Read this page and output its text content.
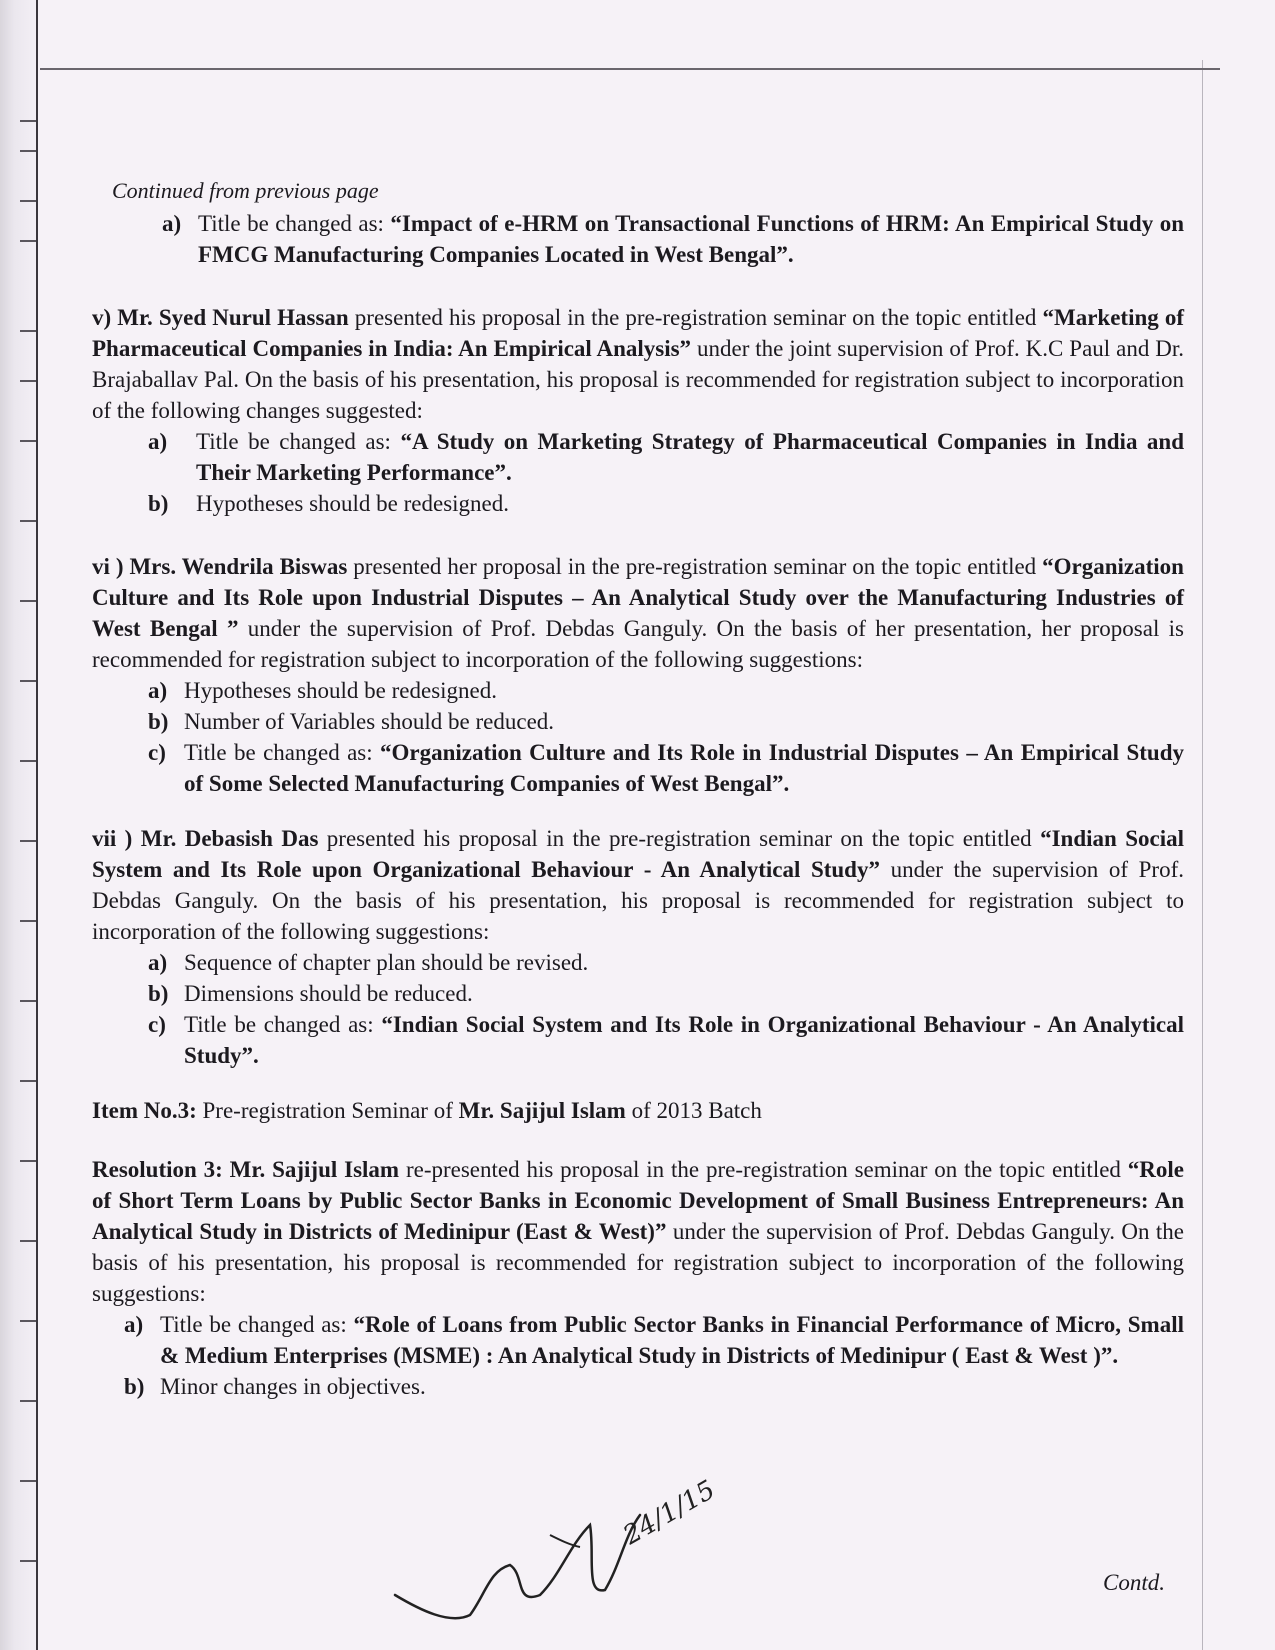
Continued from previous page
a) Title be changed as: “Impact of e-HRM on Transactional Functions of HRM: An Empirical Study on FMCG Manufacturing Companies Located in West Bengal”.
v) Mr. Syed Nurul Hassan presented his proposal in the pre-registration seminar on the topic entitled “Marketing of Pharmaceutical Companies in India: An Empirical Analysis” under the joint supervision of Prof. K.C Paul and Dr. Brajaballav Pal. On the basis of his presentation, his proposal is recommended for registration subject to incorporation of the following changes suggested:
a)	Title be changed as: “A Study on Marketing Strategy of Pharmaceutical Companies in India and Their Marketing Performance”.
b)	Hypotheses should be redesigned.
vi ) Mrs. Wendrila Biswas presented her proposal in the pre-registration seminar on the topic entitled “Organization Culture and Its Role upon Industrial Disputes – An Analytical Study over the Manufacturing Industries of West Bengal ” under the supervision of Prof. Debdas Ganguly. On the basis of her presentation, her proposal is recommended for registration subject to incorporation of the following suggestions:
a) Hypotheses should be redesigned.
b) Number of Variables should be reduced.
c) Title be changed as: “Organization Culture and Its Role in Industrial Disputes – An Empirical Study of Some Selected Manufacturing Companies of West Bengal”.
vii ) Mr. Debasish Das presented his proposal in the pre-registration seminar on the topic entitled “Indian Social System and Its Role upon Organizational Behaviour - An Analytical Study” under the supervision of Prof. Debdas Ganguly. On the basis of his presentation, his proposal is recommended for registration subject to incorporation of the following suggestions:
a) Sequence of chapter plan should be revised.
b) Dimensions should be reduced.
c) Title be changed as: “Indian Social System and Its Role in Organizational Behaviour - An Analytical Study”.
Item No.3: Pre-registration Seminar of Mr. Sajijul Islam of 2013 Batch
Resolution 3: Mr. Sajijul Islam re-presented his proposal in the pre-registration seminar on the topic entitled “Role of Short Term Loans by Public Sector Banks in Economic Development of Small Business Entrepreneurs: An Analytical Study in Districts of Medinipur (East & West)” under the supervision of Prof. Debdas Ganguly. On the basis of his presentation, his proposal is recommended for registration subject to incorporation of the following suggestions:
a) Title be changed as: “Role of Loans from Public Sector Banks in Financial Performance of Micro, Small & Medium Enterprises (MSME) : An Analytical Study in Districts of Medinipur ( East & West )”.
b) Minor changes in objectives.
24/1/15
Contd.
